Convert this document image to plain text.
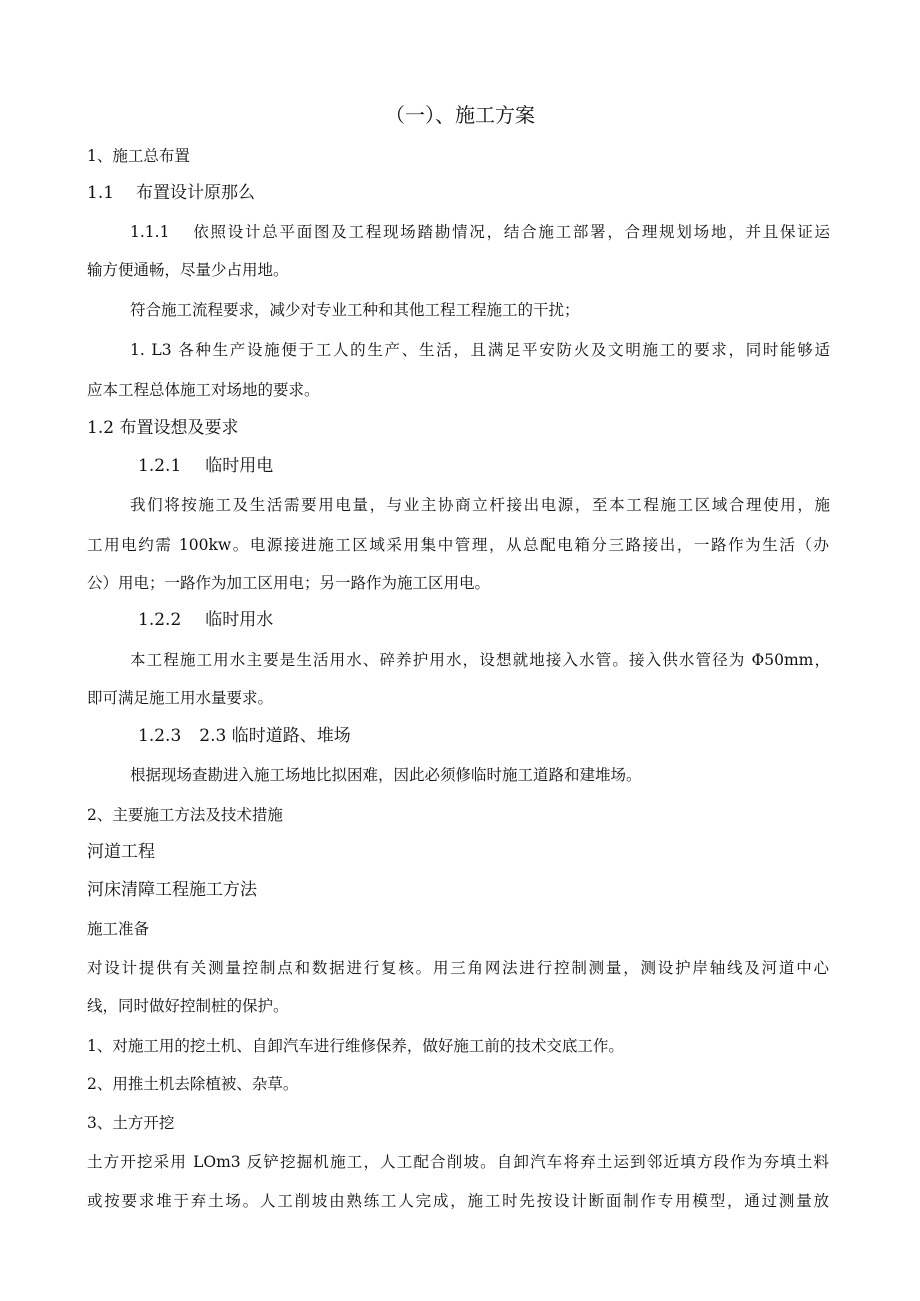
（一）、施工方案
1、施工总布置
1.1 布置设计原那么
1.1.1 依照设计总平面图及工程现场踏勘情况，结合施工部署，合理规划场地，并且保证运
输方便通畅，尽量少占用地。
符合施工流程要求，减少对专业工种和其他工程工程施工的干扰；
1. L3 各种生产设施便于工人的生产、生活，且满足平安防火及文明施工的要求，同时能够适
应本工程总体施工对场地的要求。
1.2 布置设想及要求
1.2.1 临时用电
我们将按施工及生活需要用电量，与业主协商立杆接出电源，至本工程施工区域合理使用，施
工用电约需 100kw。电源接进施工区域采用集中管理，从总配电箱分三路接出，一路作为生活（办
公）用电；一路作为加工区用电；另一路作为施工区用电。
1.2.2 临时用水
本工程施工用水主要是生活用水、碎养护用水，设想就地接入水管。接入供水管径为 Φ50mm，
即可满足施工用水量要求。
1.2.3 2.3 临时道路、堆场
根据现场查勘进入施工场地比拟困难，因此必须修临时施工道路和建堆场。
2、主要施工方法及技术措施
河道工程
河床清障工程施工方法
施工准备
对设计提供有关测量控制点和数据进行复核。用三角网法进行控制测量，测设护岸轴线及河道中心
线，同时做好控制桩的保护。
1、对施工用的挖土机、自卸汽车进行维修保养，做好施工前的技术交底工作。
2、用推土机去除植被、杂草。
3、土方开挖
土方开挖采用 LOm3 反铲挖掘机施工，人工配合削坡。自卸汽车将弃土运到邻近填方段作为夯填土料
或按要求堆于弃土场。人工削坡由熟练工人完成，施工时先按设计断面制作专用模型，通过测量放
